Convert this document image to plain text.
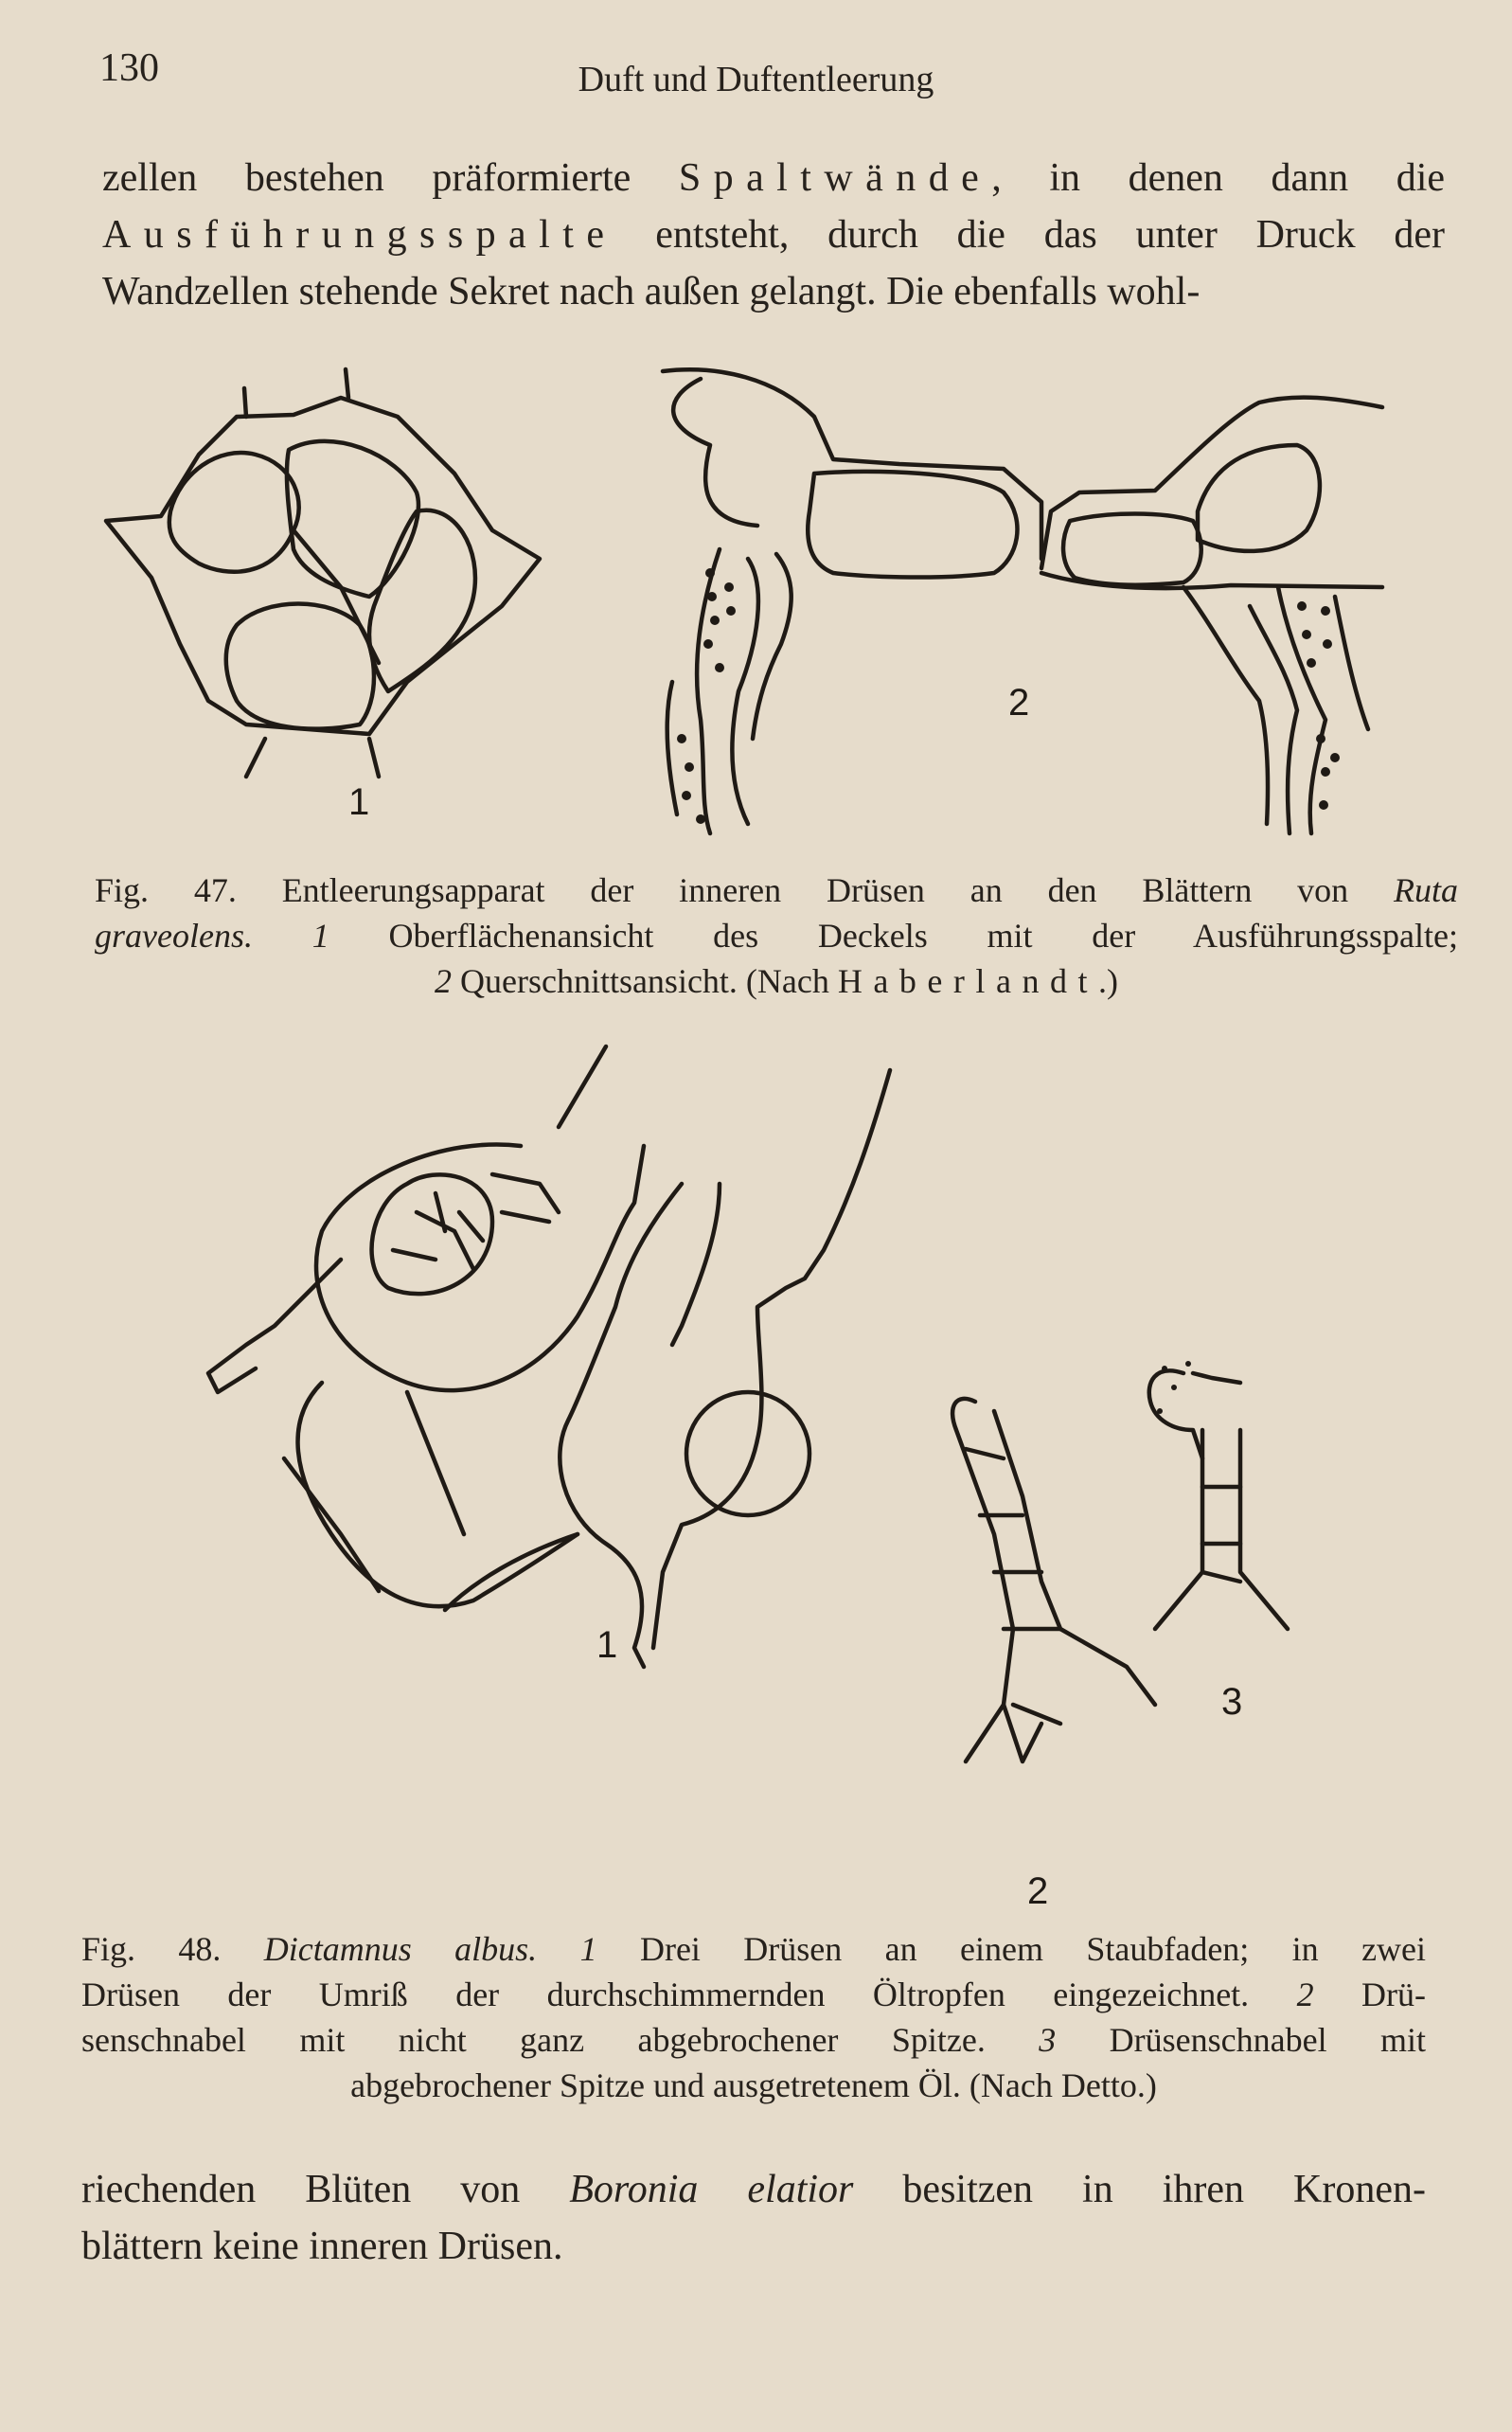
130	Duft und Duftentleerung

zellen bestehen präformierte Spaltwände, in denen dann die

Ausführungsspalte entsteht, durch die das unter Druck der

Wandzellen stehende Sekret nach außen gelangt. Die ebenfalls wohl-

1
2

Fig. 47. Entleerungsapparat der inneren Drüsen an den Blättern von Ruta

graveolens. 1 Oberflächenansicht des Deckels mit der Ausführungsspalte;

2 Querschnittsansicht. (Nach Haberlandt.)

1
2
3

Fig. 48. Dictamnus albus. 1 Drei Drüsen an einem Staubfaden; in zwei

Drüsen der Umriß der durchschimmernden Öltropfen eingezeichnet. 2 Drü-

senschnabel mit nicht ganz abgebrochener Spitze. 3 Drüsenschnabel mit

abgebrochener Spitze und ausgetretenem Öl. (Nach Detto.)

riechenden Blüten von Boronia elatior besitzen in ihren Kronen-

blättern keine inneren Drüsen.
